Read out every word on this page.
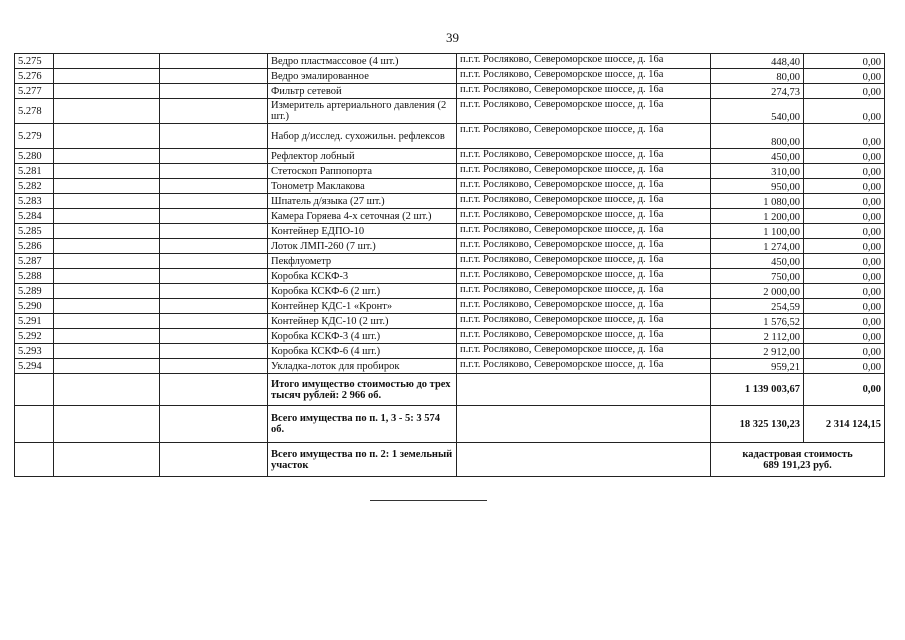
39
5.275			Ведро пластмассовое (4 шт.)	п.г.т. Росляково, Североморское шоссе, д. 16а	448,40	0,00
5.276			Ведро эмалированное	п.г.т. Росляково, Североморское шоссе, д. 16а	80,00	0,00
5.277			Фильтр сетевой	п.г.т. Росляково, Североморское шоссе, д. 16а	274,73	0,00
5.278			Измеритель артериального давления (2 шт.)	п.г.т. Росляково, Североморское шоссе, д. 16а	540,00	0,00
5.279			Набор д/исслед. сухожильн. рефлексов	п.г.т. Росляково, Североморское шоссе, д. 16а	800,00	0,00
5.280			Рефлектор лобный	п.г.т. Росляково, Североморское шоссе, д. 16а	450,00	0,00
5.281			Стетоскоп Раппопорта	п.г.т. Росляково, Североморское шоссе, д. 16а	310,00	0,00
5.282			Тонометр Маклакова	п.г.т. Росляково, Североморское шоссе, д. 16а	950,00	0,00
5.283			Шпатель д/языка (27 шт.)	п.г.т. Росляково, Североморское шоссе, д. 16а	1 080,00	0,00
5.284			Камера Горяева 4-х сеточная (2 шт.)	п.г.т. Росляково, Североморское шоссе, д. 16а	1 200,00	0,00
5.285			Контейнер ЕДПО-10	п.г.т. Росляково, Североморское шоссе, д. 16а	1 100,00	0,00
5.286			Лоток ЛМП-260 (7 шт.)	п.г.т. Росляково, Североморское шоссе, д. 16а	1 274,00	0,00
5.287			Пекфлуометр	п.г.т. Росляково, Североморское шоссе, д. 16а	450,00	0,00
5.288			Коробка КСКФ-3	п.г.т. Росляково, Североморское шоссе, д. 16а	750,00	0,00
5.289			Коробка КСКФ-6 (2 шт.)	п.г.т. Росляково, Североморское шоссе, д. 16а	2 000,00	0,00
5.290			Контейнер КДС-1 «Кронт»	п.г.т. Росляково, Североморское шоссе, д. 16а	254,59	0,00
5.291			Контейнер КДС-10 (2 шт.)	п.г.т. Росляково, Североморское шоссе, д. 16а	1 576,52	0,00
5.292			Коробка КСКФ-3 (4 шт.)	п.г.т. Росляково, Североморское шоссе, д. 16а	2 112,00	0,00
5.293			Коробка КСКФ-6 (4 шт.)	п.г.т. Росляково, Североморское шоссе, д. 16а	2 912,00	0,00
5.294			Укладка-лоток для пробирок	п.г.т. Росляково, Североморское шоссе, д. 16а	959,21	0,00
			Итого имущество стоимостью до трех тысяч рублей: 2 966 об.		1 139 003,67	0,00
			Всего имущества по п. 1, 3 - 5: 3 574 об.		18 325 130,23	2 314 124,15
			Всего имущества по п. 2: 1 земельный участок		кадастровая стоимость
689 191,23 руб.	
